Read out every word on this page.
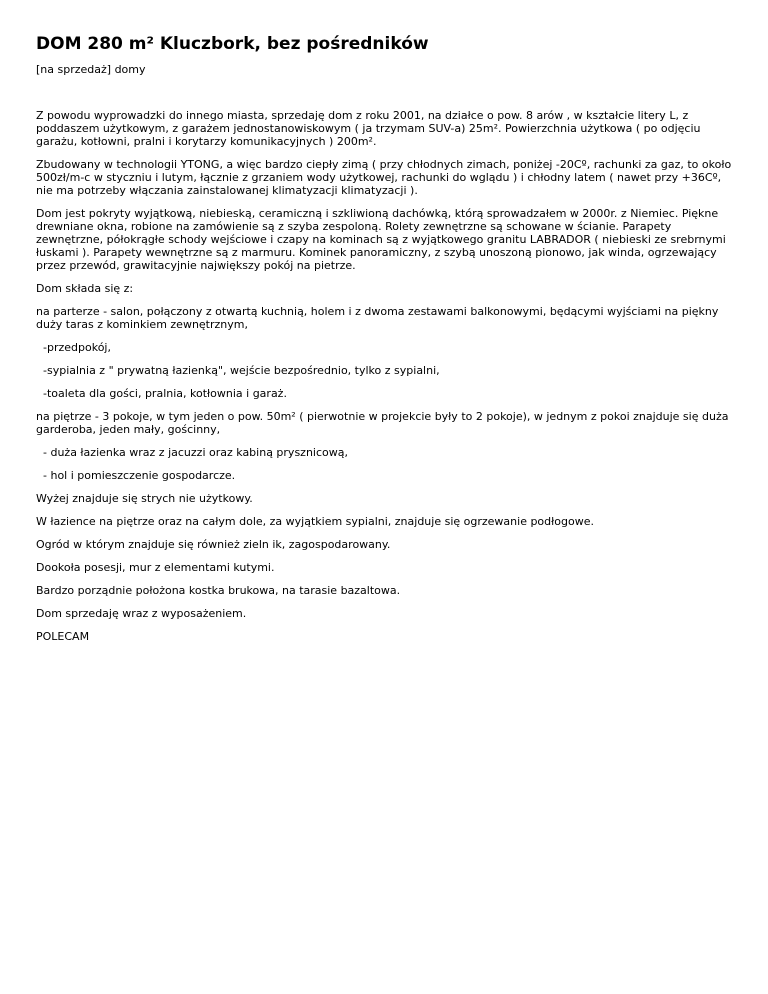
DOM 280 m² Kluczbork, bez pośredników
[na sprzedaż] domy

Z powodu wyprowadzki do innego miasta, sprzedaję dom z roku 2001, na działce o pow. 8 arów , w kształcie litery L, z poddaszem użytkowym, z garażem jednostanowiskowym ( ja trzymam SUV-a) 25m². Powierzchnia użytkowa ( po odjęciu garażu, kotłowni, pralni i korytarzy komunikacyjnych ) 200m².

Zbudowany w technologii YTONG, a więc bardzo ciepły zimą ( przy chłodnych zimach, poniżej -20Cº, rachunki za gaz, to około 500zł/m-c w styczniu i lutym, łącznie z grzaniem wody użytkowej, rachunki do wglądu ) i chłodny latem ( nawet przy +36Cº, nie ma potrzeby włączania zainstalowanej klimatyzacji klimatyzacji ).

Dom jest pokryty wyjątkową, niebieską, ceramiczną i szkliwioną dachówką, którą sprowadzałem w 2000r. z Niemiec. Piękne drewniane okna, robione na zamówienie są z szyba zespoloną. Rolety zewnętrzne są schowane w ścianie. Parapety zewnętrzne, półokrągłe schody wejściowe i czapy na kominach są z wyjątkowego granitu LABRADOR ( niebieski ze srebrnymi łuskami ). Parapety wewnętrzne są z marmuru. Kominek panoramiczny, z szybą unoszoną pionowo, jak winda, ogrzewający przez przewód, grawitacyjnie największy pokój na pietrze.

Dom składa się z:

na parterze - salon, połączony z otwartą kuchnią, holem i z dwoma zestawami balkonowymi, będącymi wyjściami na piękny duży taras z kominkiem zewnętrznym,

-przedpokój,

-sypialnia z " prywatną łazienką", wejście bezpośrednio, tylko z sypialni,

-toaleta dla gości, pralnia, kotłownia i garaż.

na piętrze - 3 pokoje, w tym jeden o pow. 50m² ( pierwotnie w projekcie były to 2 pokoje), w jednym z pokoi znajduje się duża garderoba, jeden mały, gościnny,

- duża łazienka wraz z jacuzzi oraz kabiną prysznicową,

- hol i pomieszczenie gospodarcze.

Wyżej znajduje się strych nie użytkowy.

W łazience na piętrze oraz na całym dole, za wyjątkiem sypialni, znajduje się ogrzewanie podłogowe.

Ogród w którym znajduje się również zieln ik, zagospodarowany.

Dookoła posesji, mur z elementami kutymi.

Bardzo porządnie położona kostka brukowa, na tarasie bazaltowa.

Dom sprzedaję wraz z wyposażeniem.

POLECAM
